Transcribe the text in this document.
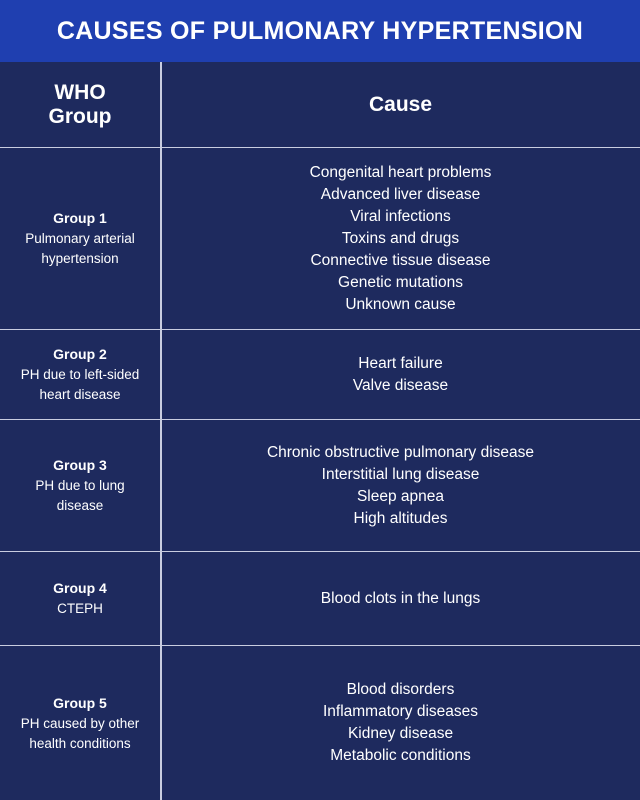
CAUSES OF PULMONARY HYPERTENSION
WHO
Group
Cause
Group 1
Pulmonary arterial
hypertension
Congenital heart problems
Advanced liver disease
Viral infections
Toxins and drugs
Connective tissue disease
Genetic mutations
Unknown cause
Group 2
PH due to left-sided
heart disease
Heart failure
Valve disease
Group 3
PH due to lung
disease
Chronic obstructive pulmonary disease
Interstitial lung disease
Sleep apnea
High altitudes
Group 4
CTEPH
Blood clots in the lungs
Group 5
PH caused by other
health conditions
Blood disorders
Inflammatory diseases
Kidney disease
Metabolic conditions
